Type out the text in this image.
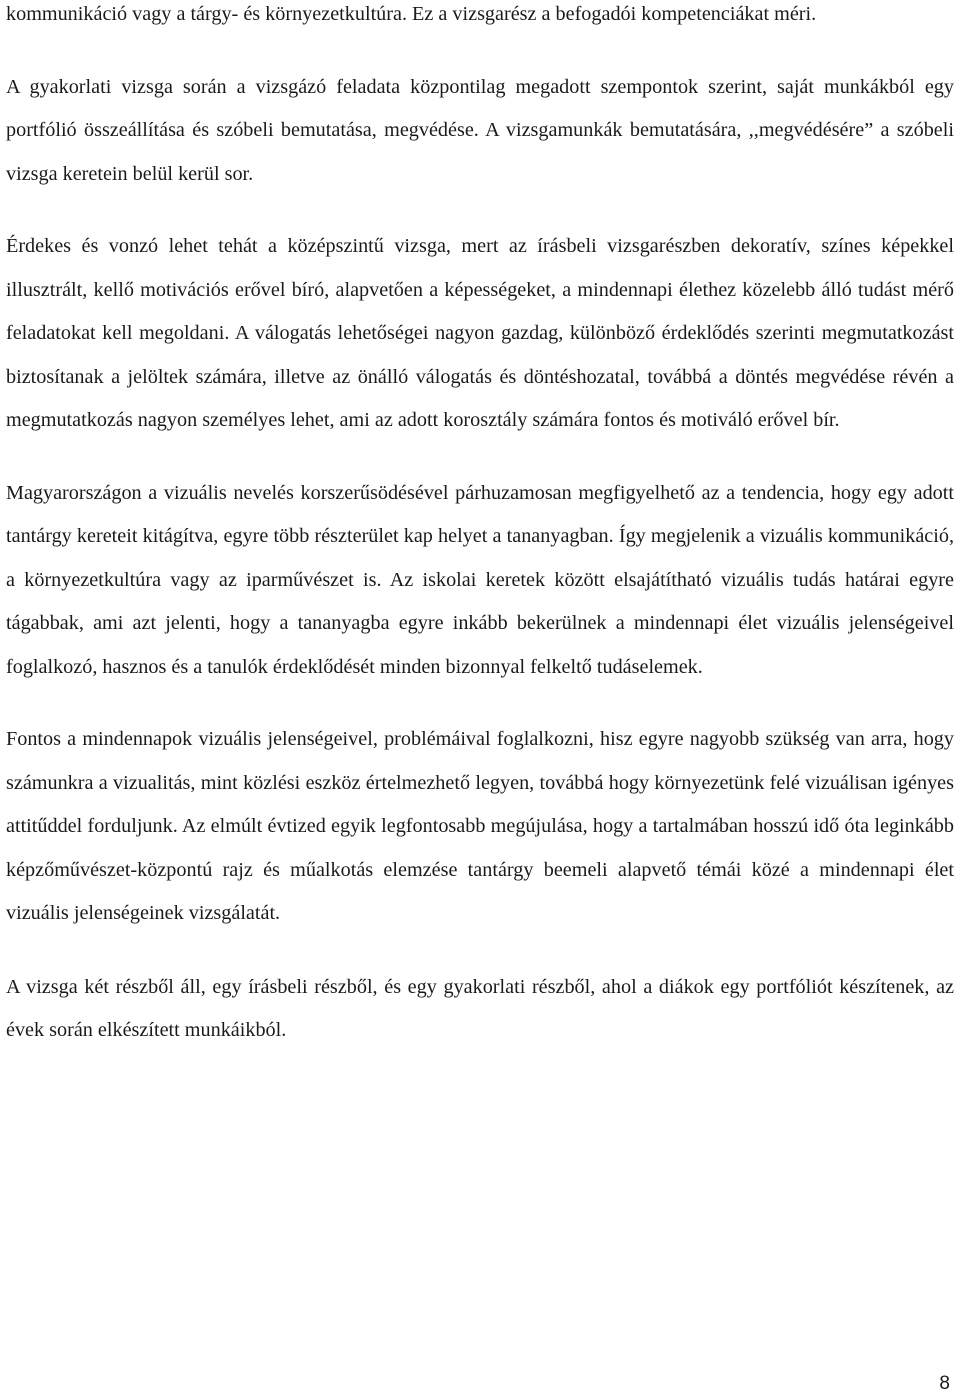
kommunikáció vagy a tárgy- és környezetkultúra. Ez a vizsgarész a befogadói kompetenciákat méri.

A gyakorlati vizsga során a vizsgázó feladata központilag megadott szempontok szerint, saját munkákból egy portfólió összeállítása és szóbeli bemutatása, megvédése. A vizsgamunkák bemutatására, ,,megvédésére” a szóbeli vizsga keretein belül kerül sor.

Érdekes és vonzó lehet tehát a középszintű vizsga, mert az írásbeli vizsgarészben dekoratív, színes képekkel illusztrált, kellő motivációs erővel bíró, alapvetően a képességeket, a mindennapi élethez közelebb álló tudást mérő feladatokat kell megoldani. A válogatás lehetőségei nagyon gazdag, különböző érdeklődés szerinti megmutatkozást biztosítanak a jelöltek számára, illetve az önálló válogatás és döntéshozatal, továbbá a döntés megvédése révén a megmutatkozás nagyon személyes lehet, ami az adott korosztály számára fontos és motiváló erővel bír.

Magyarországon a vizuális nevelés korszerűsödésével párhuzamosan megfigyelhető az a tendencia, hogy egy adott tantárgy kereteit kitágítva, egyre több részterület kap helyet a tananyagban. Így megjelenik a vizuális kommunikáció, a környezetkultúra vagy az iparművészet is. Az iskolai keretek között elsajátítható vizuális tudás határai egyre tágabbak, ami azt jelenti, hogy a tananyagba egyre inkább bekerülnek a mindennapi élet vizuális jelenségeivel foglalkozó, hasznos és a tanulók érdeklődését minden bizonnyal felkeltő tudáselemek.

Fontos a mindennapok vizuális jelenségeivel, problémáival foglalkozni, hisz egyre nagyobb szükség van arra, hogy számunkra a vizualitás, mint közlési eszköz értelmezhető legyen, továbbá hogy környezetünk felé vizuálisan igényes attitűddel forduljunk. Az elmúlt évtized egyik legfontosabb megújulása, hogy a tartalmában hosszú idő óta leginkább képzőművészet-központú rajz és műalkotás elemzése tantárgy beemeli alapvető témái közé a mindennapi élet vizuális jelenségeinek vizsgálatát.

A vizsga két részből áll, egy írásbeli részből, és egy gyakorlati részből, ahol a diákok egy portfóliót készítenek, az évek során elkészített munkáikból.

8
